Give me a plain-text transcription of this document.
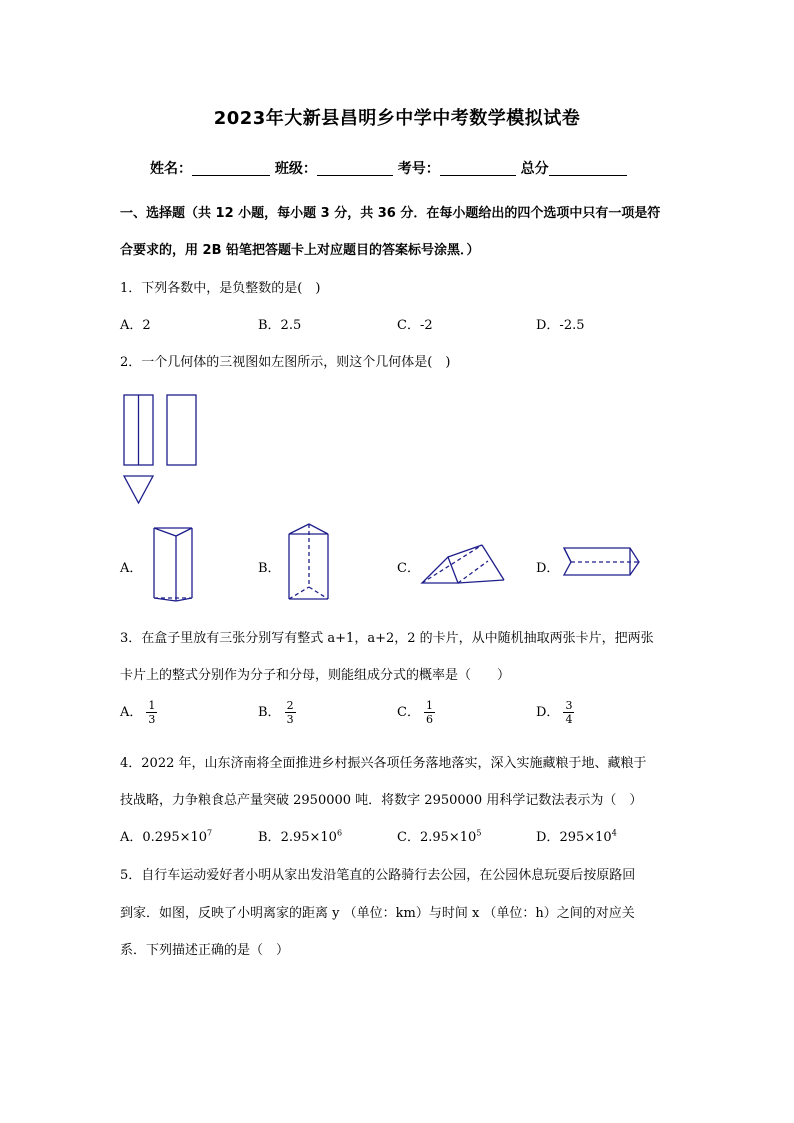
2023年大新县昌明乡中学中考数学模拟试卷
姓名：	班级：	考号：	总分
一、选择题（共 12 小题，每小题 3 分，共 36 分．在每小题给出的四个选项中只有一项是符
合要求的，用 2B 铅笔把答题卡上对应题目的答案标号涂黑．）
1．下列各数中，是负整数的是(　)
A．2	B．2.5	C．-2	D．-2.5
2．一个几何体的三视图如左图所示，则这个几何体是(　)
A．	B．	C．	D．
3．在盒子里放有三张分别写有整式 a+1，a+2，2 的卡片，从中随机抽取两张卡片，把两张
卡片上的整式分别作为分子和分母，则能组成分式的概率是（　　）
A． $\frac{1}{3}$	B． $\frac{2}{3}$	C． $\frac{1}{6}$	D． $\frac{3}{4}$
4．2022 年，山东济南将全面推进乡村振兴各项任务落地落实，深入实施藏粮于地、藏粮于
技战略，力争粮食总产量突破 2950000 吨．将数字 2950000 用科学记数法表示为（　）
A．$0.295\times 10^7$	B．$2.95\times 10^6$	C．$2.95\times 10^5$	D．$295\times 10^4$
5．自行车运动爱好者小明从家出发沿笔直的公路骑行去公园，在公园休息玩耍后按原路回
到家．如图，反映了小明离家的距离 y （单位：km）与时间 x （单位：h）之间的对应关
系．下列描述正确的是（　）
